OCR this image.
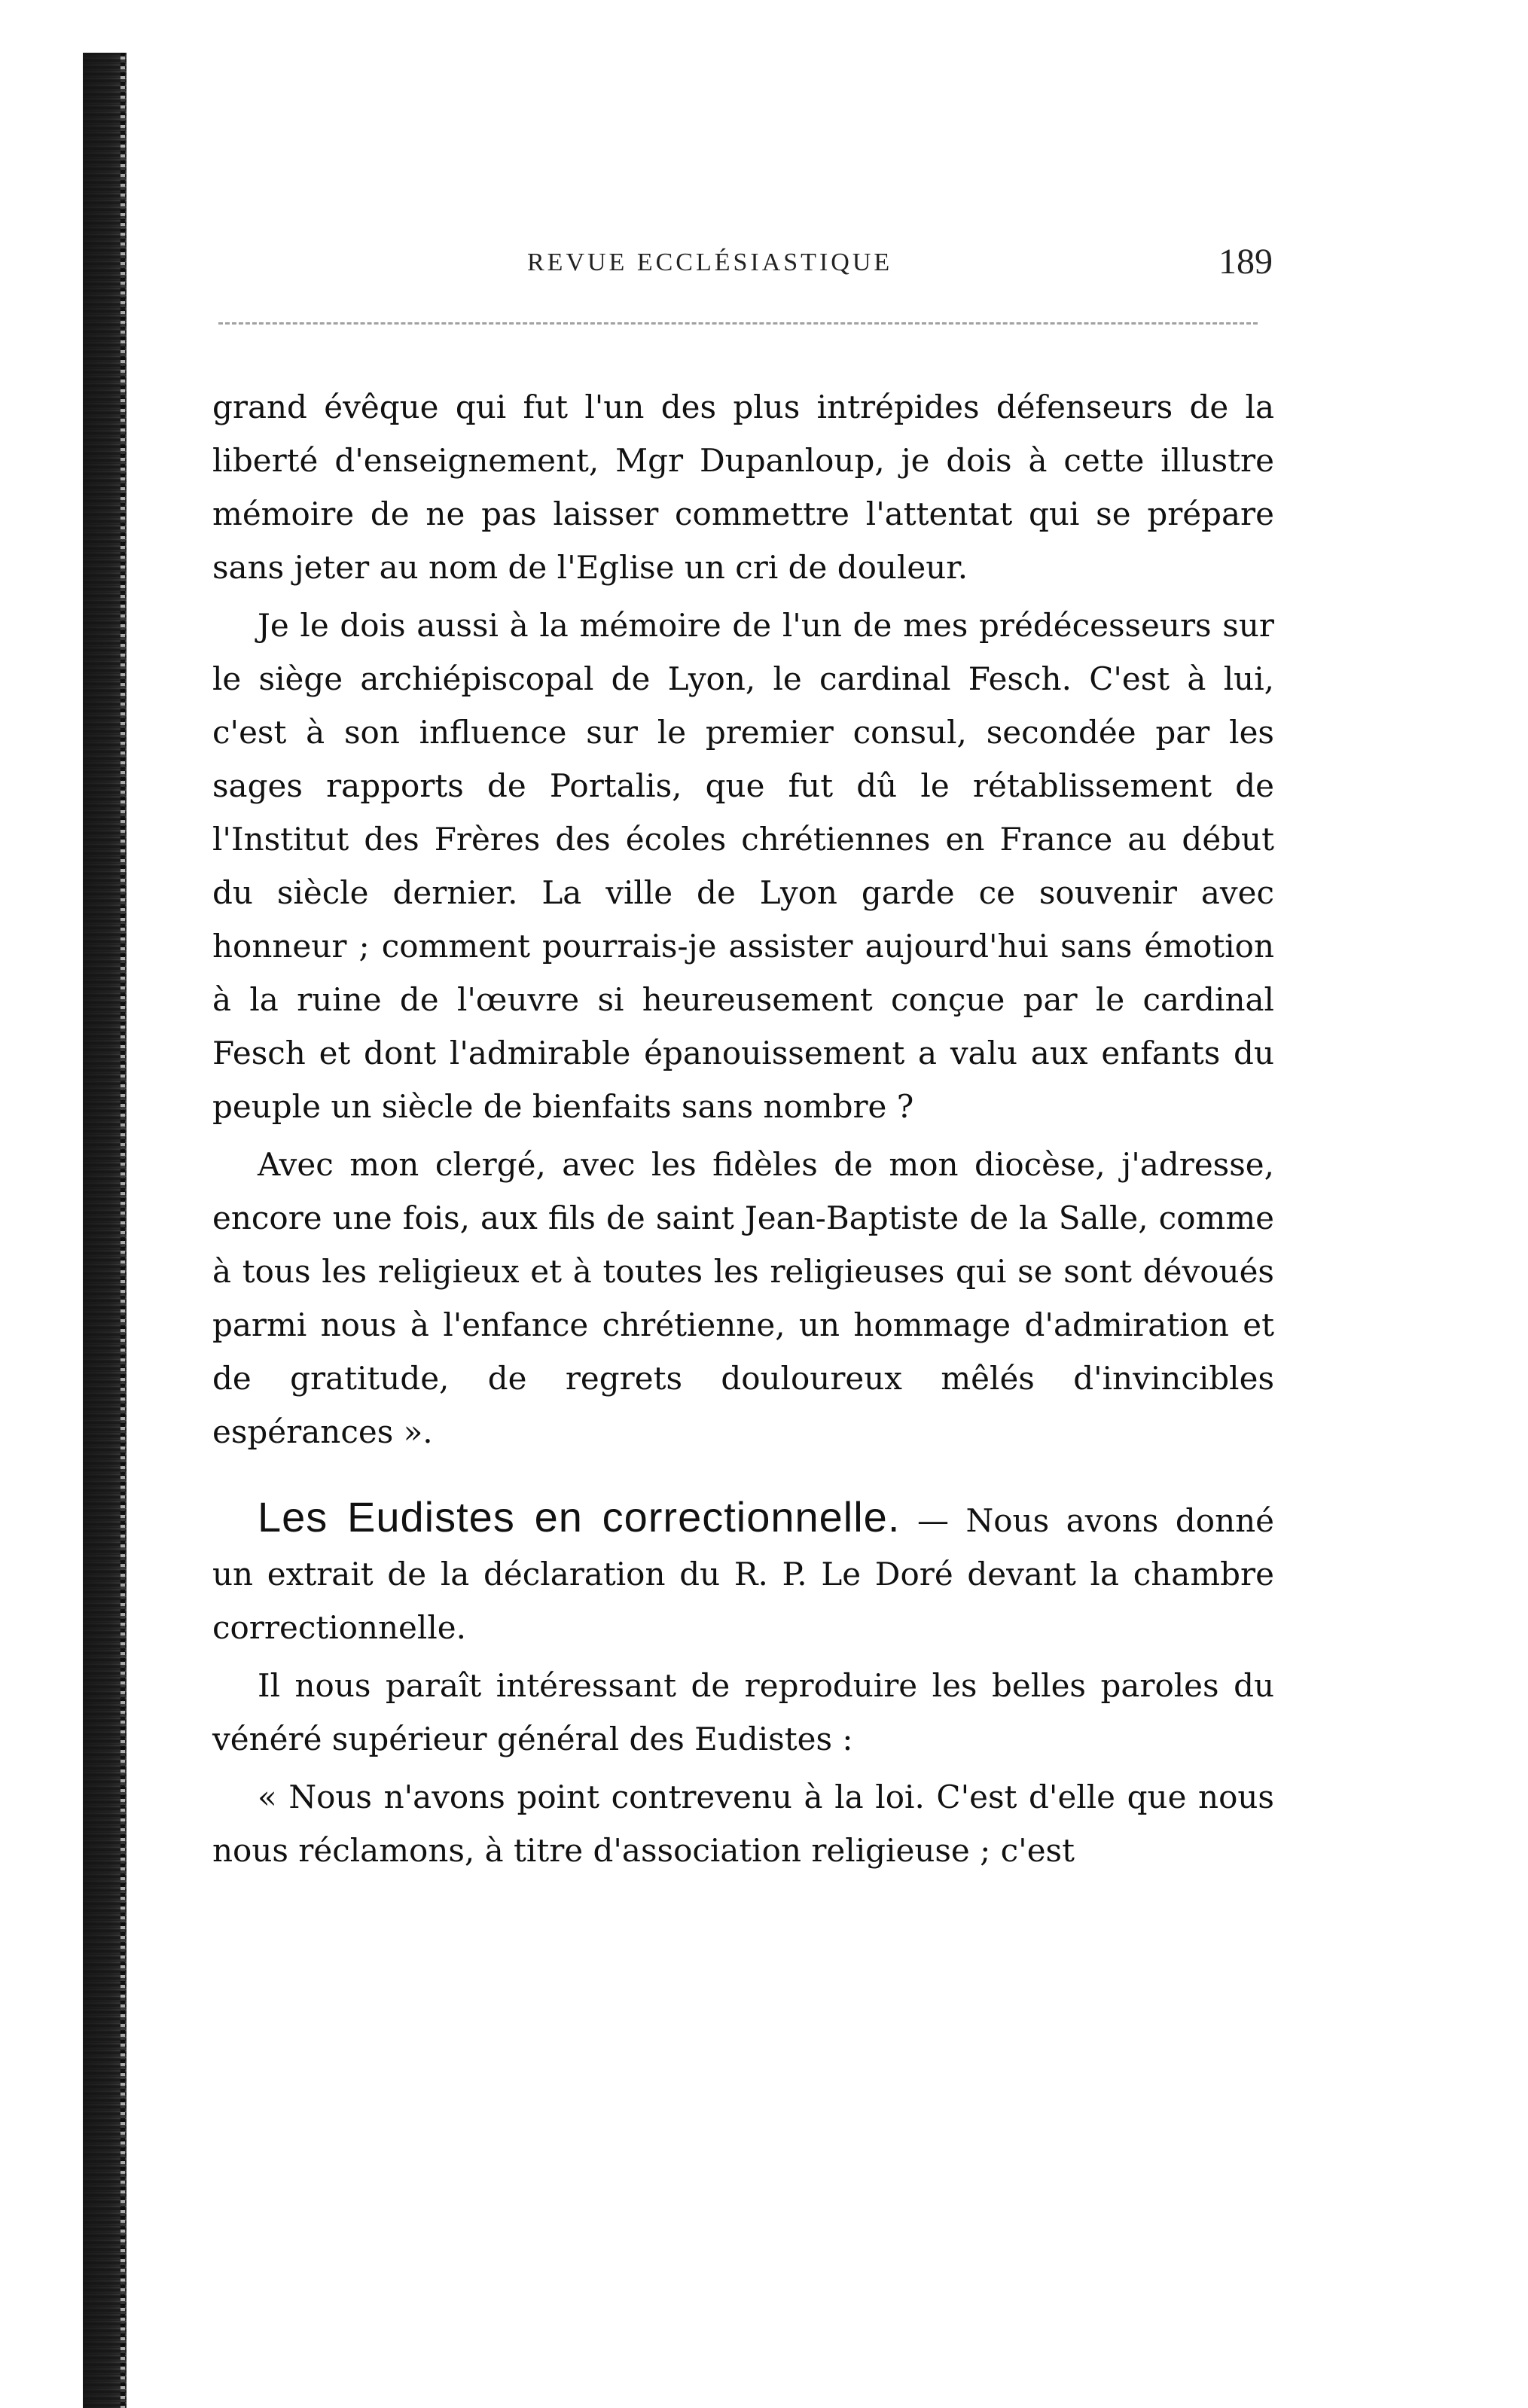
REVUE ECCLÉSIASTIQUE	189

grand évêque qui fut l'un des plus intrépides défenseurs de la liberté d'enseignement, Mgr Dupanloup, je dois à cette illustre mémoire de ne pas laisser commettre l'attentat qui se prépare sans jeter au nom de l'Eglise un cri de douleur.

Je le dois aussi à la mémoire de l'un de mes prédécesseurs sur le siège archiépiscopal de Lyon, le cardinal Fesch. C'est à lui, c'est à son influence sur le premier consul, secondée par les sages rapports de Portalis, que fut dû le rétablissement de l'Institut des Frères des écoles chrétiennes en France au début du siècle dernier. La ville de Lyon garde ce souvenir avec honneur ; comment pourrais-je assister aujourd'hui sans émotion à la ruine de l'œuvre si heureusement conçue par le cardinal Fesch et dont l'admirable épanouissement a valu aux enfants du peuple un siècle de bienfaits sans nombre ?

Avec mon clergé, avec les fidèles de mon diocèse, j'adresse, encore une fois, aux fils de saint Jean-Baptiste de la Salle, comme à tous les religieux et à toutes les religieuses qui se sont dévoués parmi nous à l'enfance chrétienne, un hommage d'admiration et de gratitude, de regrets douloureux mêlés d'invincibles espérances ».

Les Eudistes en correctionnelle. — Nous avons donné un extrait de la déclaration du R. P. Le Doré devant la chambre correctionnelle.

Il nous paraît intéressant de reproduire les belles paroles du vénéré supérieur général des Eudistes :

« Nous n'avons point contrevenu à la loi. C'est d'elle que nous nous réclamons, à titre d'association religieuse ; c'est
